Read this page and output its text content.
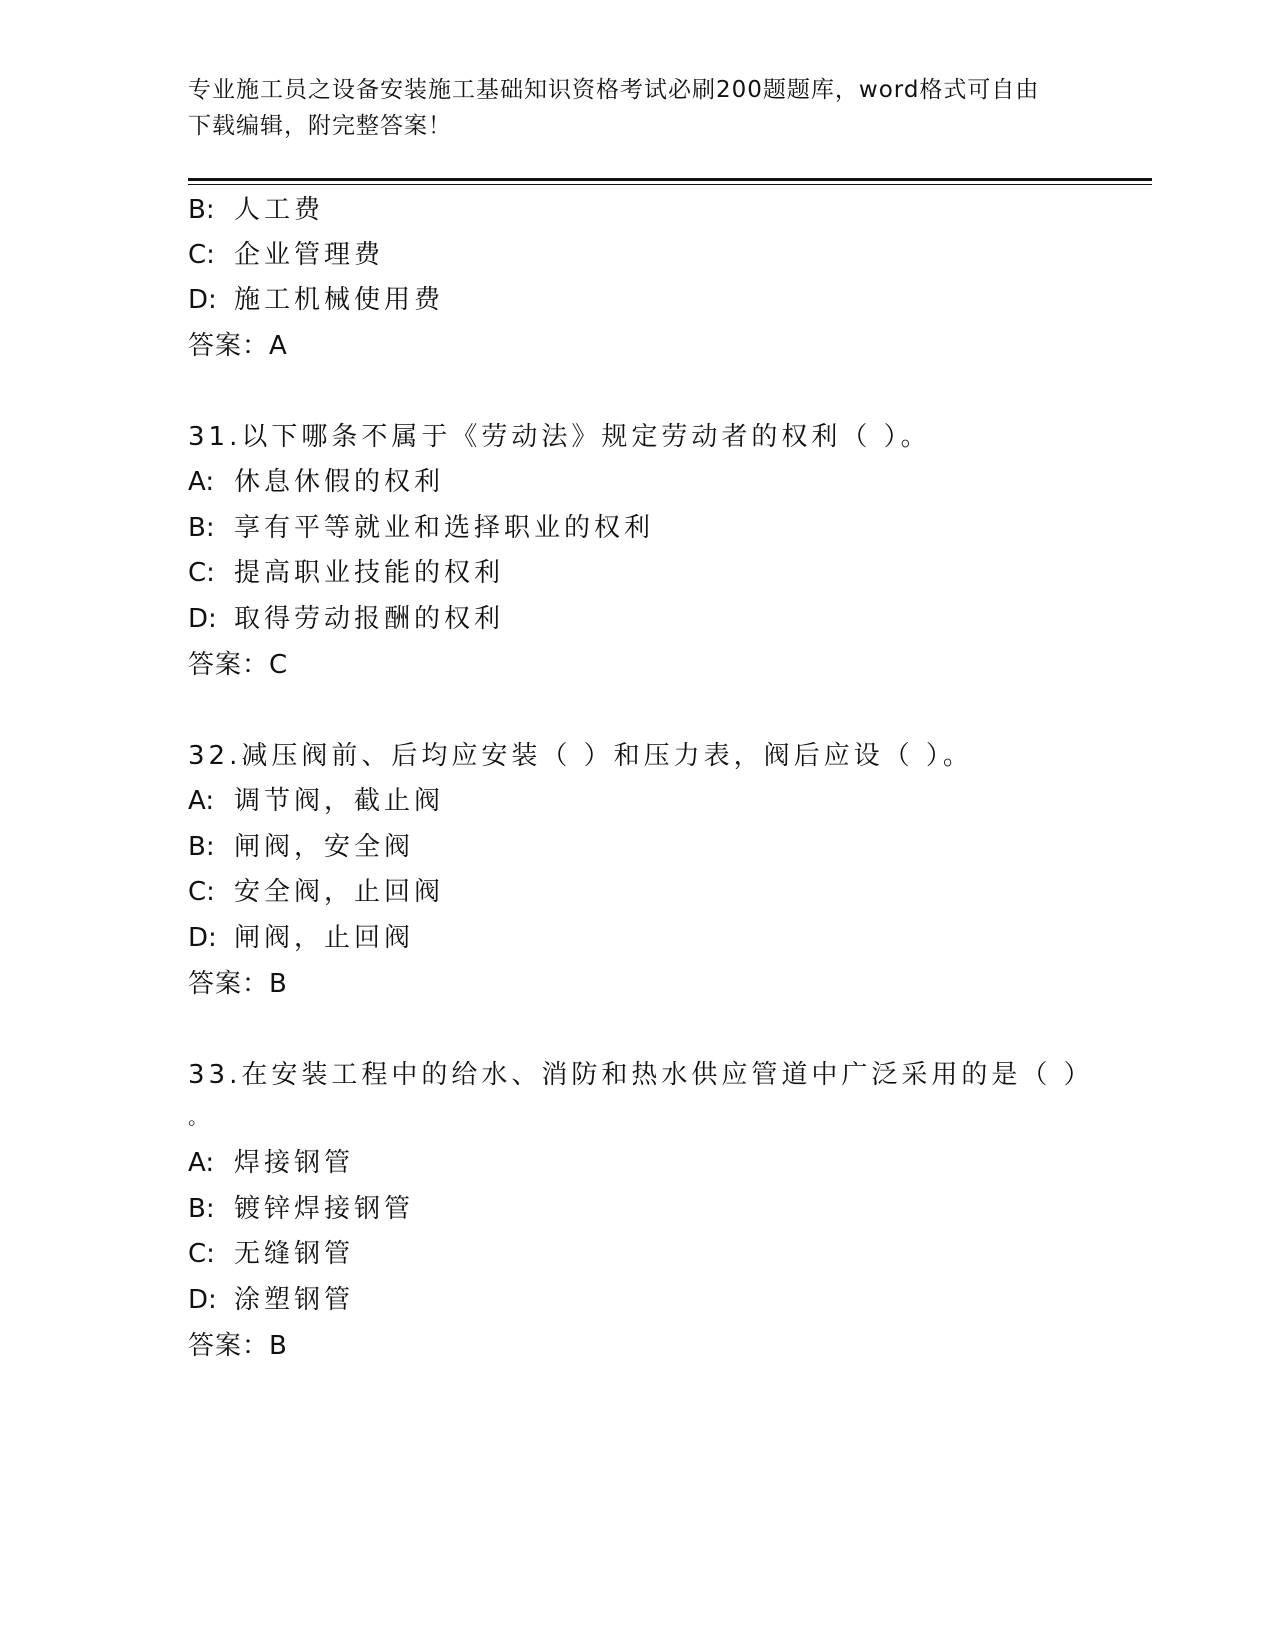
专业施工员之设备安装施工基础知识资格考试必刷200题题库，word格式可自由
下载编辑，附完整答案！
B: 人工费
C: 企业管理费
D: 施工机械使用费
答案：A
31.以下哪条不属于《劳动法》规定劳动者的权利（ ）。
A: 休息休假的权利
B: 享有平等就业和选择职业的权利
C: 提高职业技能的权利
D: 取得劳动报酬的权利
答案：C
32.减压阀前、后均应安装（ ）和压力表，阀后应设（ ）。
A: 调节阀，截止阀
B: 闸阀，安全阀
C: 安全阀，止回阀
D: 闸阀，止回阀
答案：B
33.在安装工程中的给水、消防和热水供应管道中广泛采用的是（ ）
。
A: 焊接钢管
B: 镀锌焊接钢管
C: 无缝钢管
D: 涂塑钢管
答案：B
